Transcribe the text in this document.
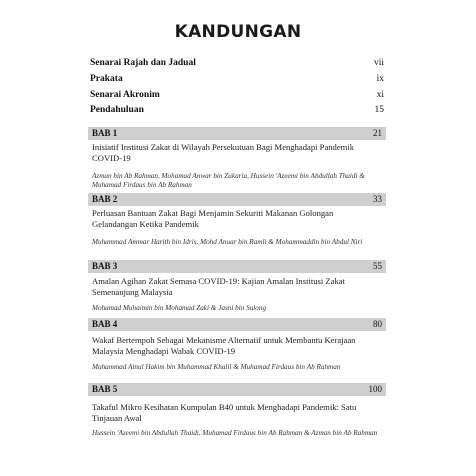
KANDUNGAN
Senarai Rajah dan Jadual	vii
Prakata	ix
Senarai Akronim	xi
Pendahuluan	15
BAB 1	21
Inisiatif Institusi Zakat di Wilayah Persekutuan Bagi Menghadapi Pandemik COVID-19
Azman bin Ab Rahman, Mohamad Anwar bin Zakaria, Hussein 'Azeemi bin Abdullah Thaidi & Muhamad Firdaus bin Ab Rahman
BAB 2	33
Perluasan Bantuan Zakat Bagi Menjamin Sekuriti Makanan Golongan Gelandangan Ketika Pandemik
Muhammad Ammar Harith bin Idris, Mohd Anuar bin Ramli & Mohammaddin bin Abdul Niri
BAB 3	55
Amalan Agihan Zakat Semasa COVID-19: Kajian Amalan Institusi Zakat Semenanjung Malaysia
Mohamad Muhaimin bin Mohamad Zaki & Jasni bin Sulong
BAB 4	80
Wakaf Bertempoh Sebagai Mekanisme Alternatif untuk Membantu Kerajaan Malaysia Menghadapi Wabak COVID-19
Muhammad Ainul Hakim bin Muhammad Khalil & Muhamad Firdaus bin Ab Rahman
BAB 5	100
Takaful Mikro Kesihatan Kumpulan B40 untuk Menghadapi Pandemik: Satu Tinjauan Awal
Hussein 'Azeemi bin Abdullah Thaidi, Muhamad Firdaus bin Ab Rahman & Azman bin Ab Rahman
